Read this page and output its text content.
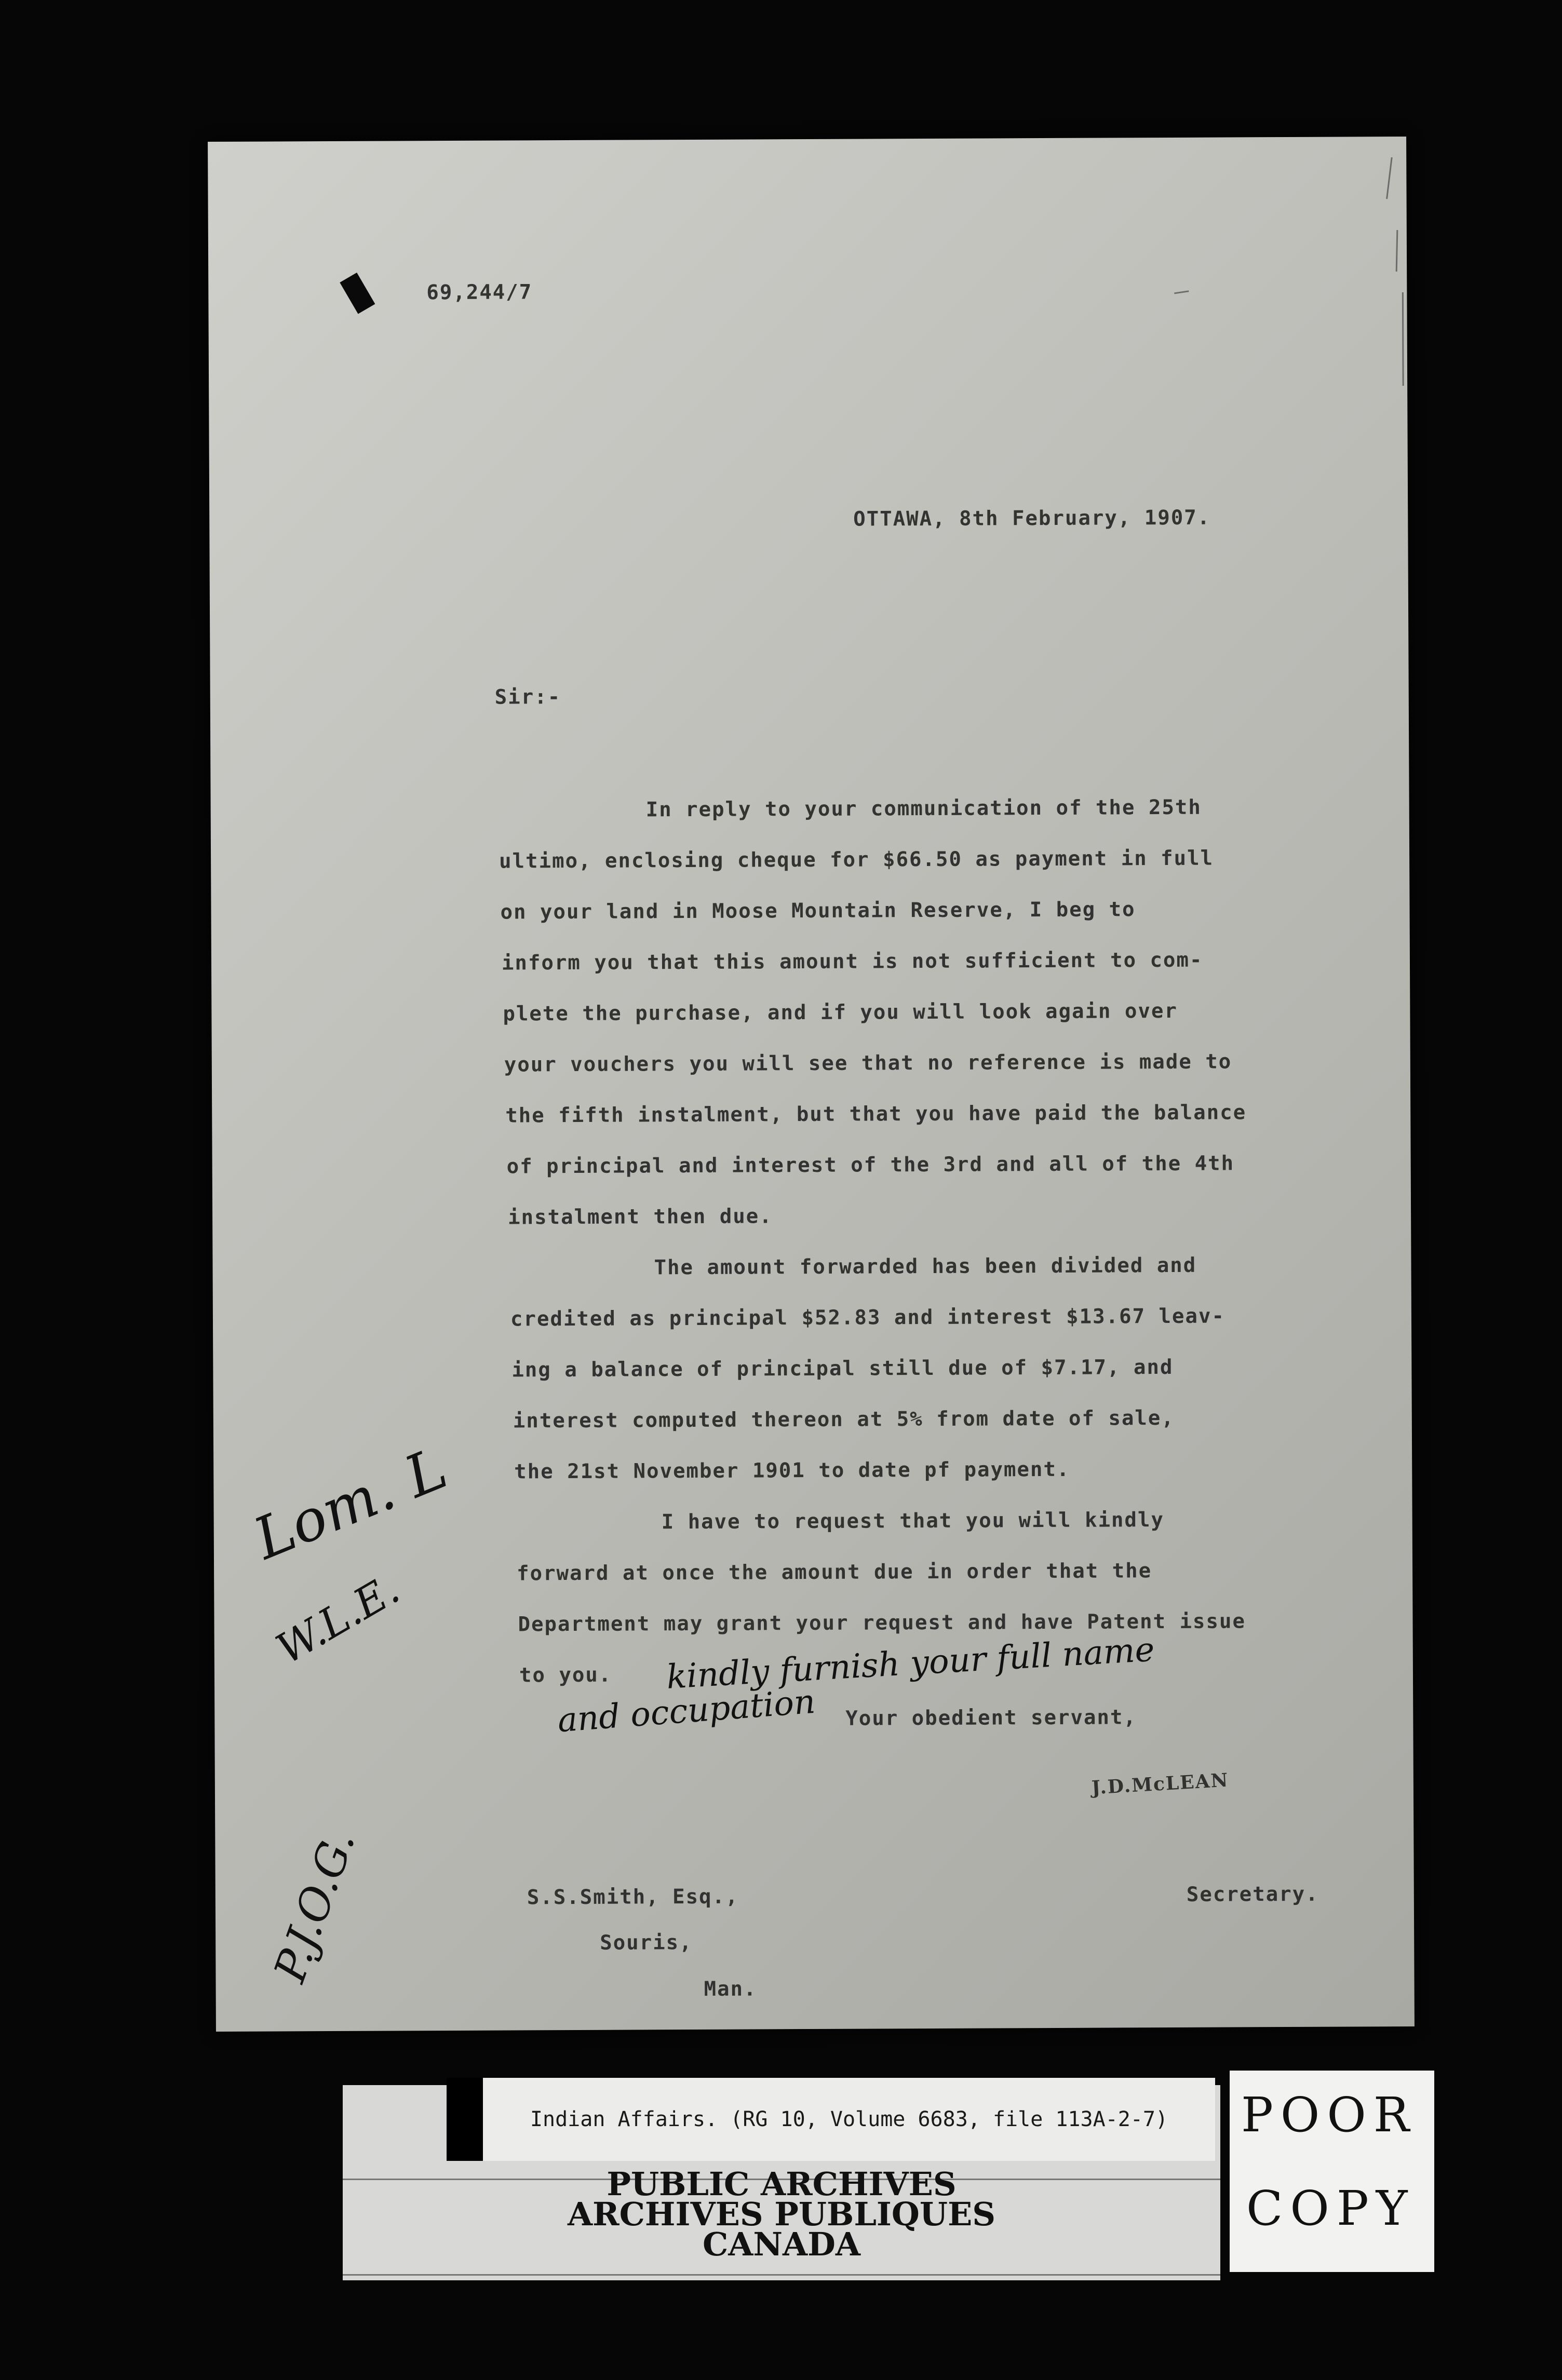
69,244/7
OTTAWA, 8th February, 1907.
Sir:-
In reply to your communication of the 25th
ultimo, enclosing cheque for $66.50 as payment in full
on your land in Moose Mountain Reserve, I beg to
inform you that this amount is not sufficient to com-
plete the purchase, and if you will look again over
your vouchers you will see that no reference is made to
the fifth instalment, but that you have paid the balance
of principal and interest of the 3rd and all of the 4th
instalment then due.
The amount forwarded has been divided and
credited as principal $52.83 and interest $13.67 leav-
ing a balance of principal still due of $7.17, and
interest computed thereon at 5% from date of sale,
the 21st November 1901 to date pf payment.
I have to request that you will kindly
forward at once the amount due in order that the
Department may grant your request and have Patent issue
to you. kindly furnish your full name
and occupation Your obedient servant,
J.D.McLEAN
S.S.Smith, Esq.,
Souris,
Man.
Secretary.
Lom. L
W.L.E.
P.J.O.G.
Indian Affairs. (RG 10, Volume 6683, file 113A-2-7)
PUBLIC ARCHIVES
ARCHIVES PUBLIQUES
CANADA
POOR
COPY
